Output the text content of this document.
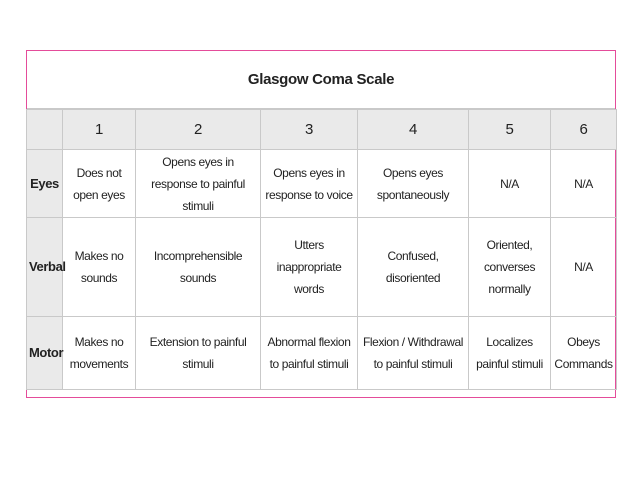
Glasgow Coma Scale
	1	2	3	4	5	6
Eyes	Does not open eyes	Opens eyes in response to painful stimuli	Opens eyes in response to voice	Opens eyes spontaneously	N/A	N/A
Verbal	Makes no sounds	Incomprehensible sounds	Utters inappropriate words	Confused, disoriented	Oriented, converses normally	N/A
Motor	Makes no movements	Extension to painful stimuli	Abnormal flexion to painful stimuli	Flexion / Withdrawal to painful stimuli	Localizes painful stimuli	Obeys Commands
